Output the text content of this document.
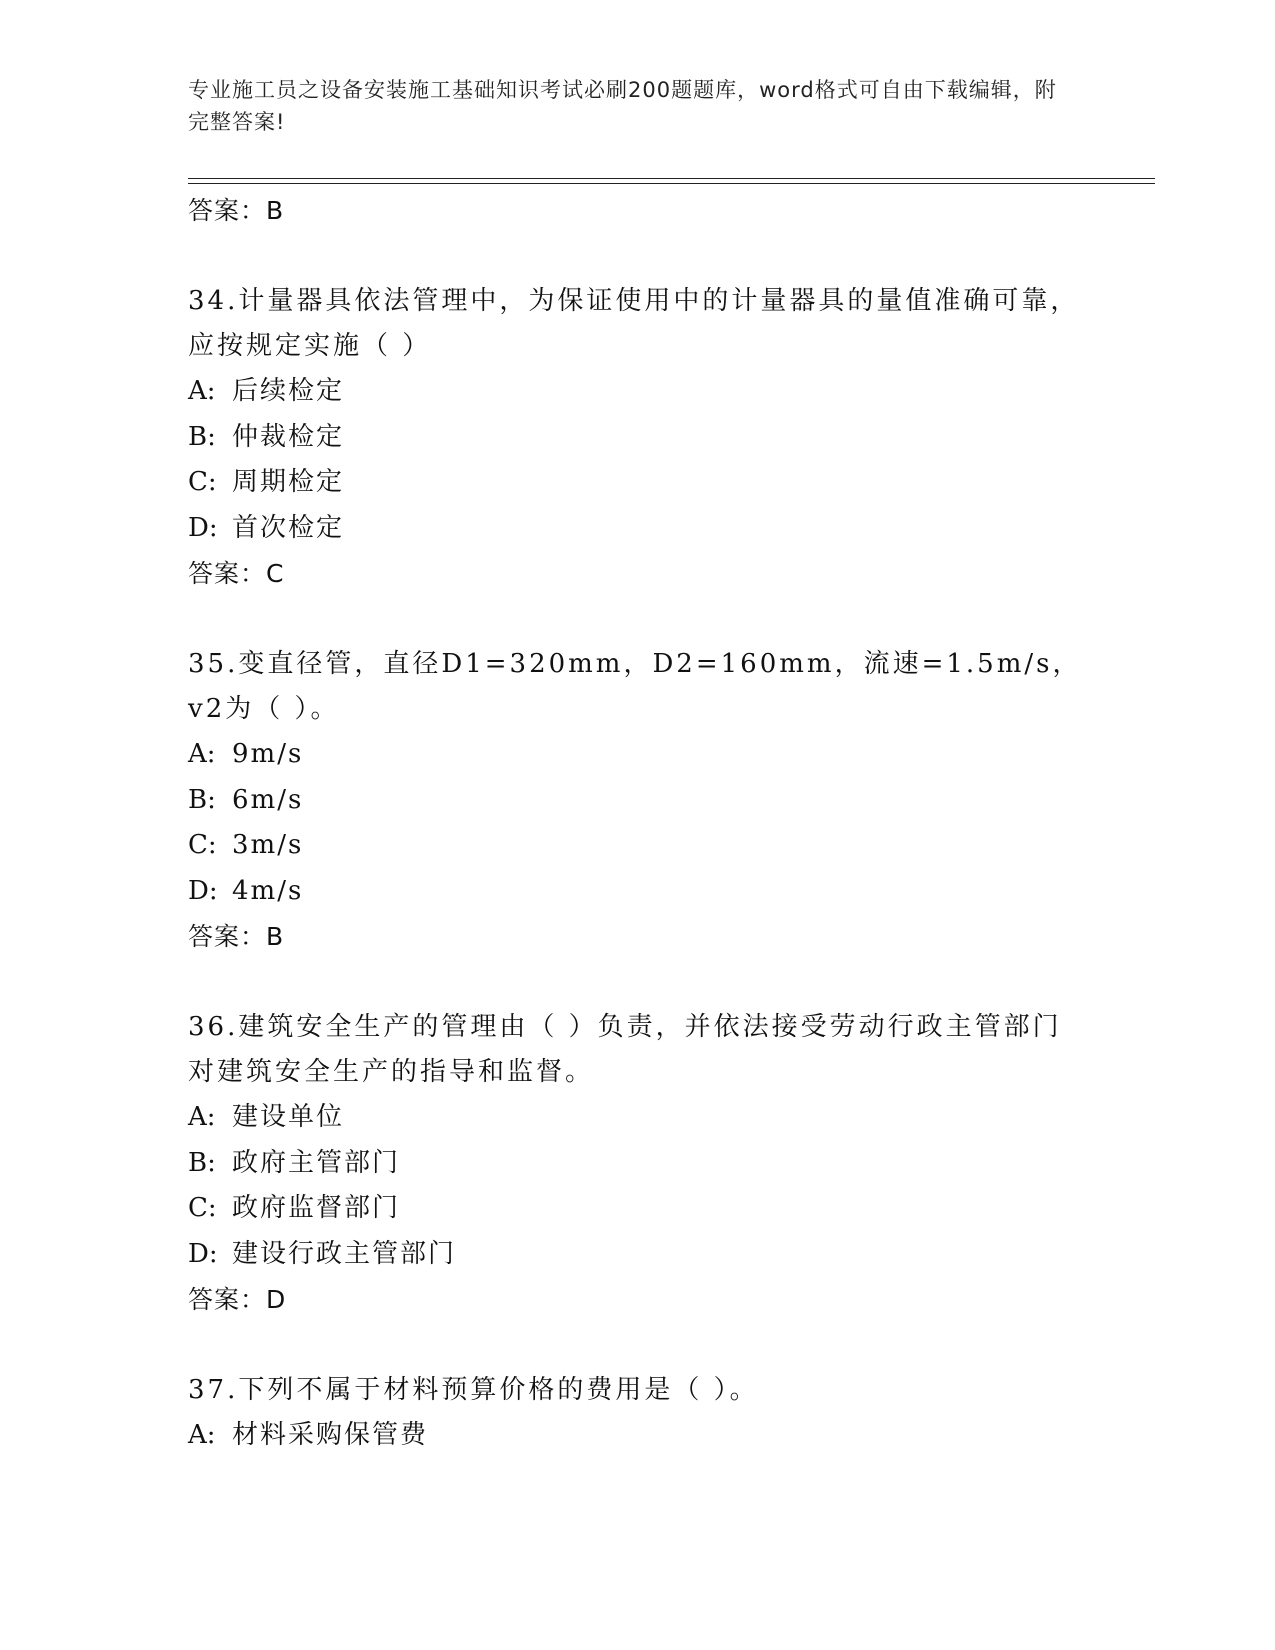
专业施工员之设备安装施工基础知识考试必刷200题题库，word格式可自由下载编辑，附完整答案!
答案：B
34.计量器具依法管理中，为保证使用中的计量器具的量值准确可靠，应按规定实施（ ）
A: 后续检定
B: 仲裁检定
C: 周期检定
D: 首次检定
答案：C
35.变直径管，直径D1=320mm，D2=160mm，流速=1.5m/s，v2为（ ）。
A: 9m/s
B: 6m/s
C: 3m/s
D: 4m/s
答案：B
36.建筑安全生产的管理由（ ）负责，并依法接受劳动行政主管部门对建筑安全生产的指导和监督。
A: 建设单位
B: 政府主管部门
C: 政府监督部门
D: 建设行政主管部门
答案：D
37.下列不属于材料预算价格的费用是（ ）。
A: 材料采购保管费
